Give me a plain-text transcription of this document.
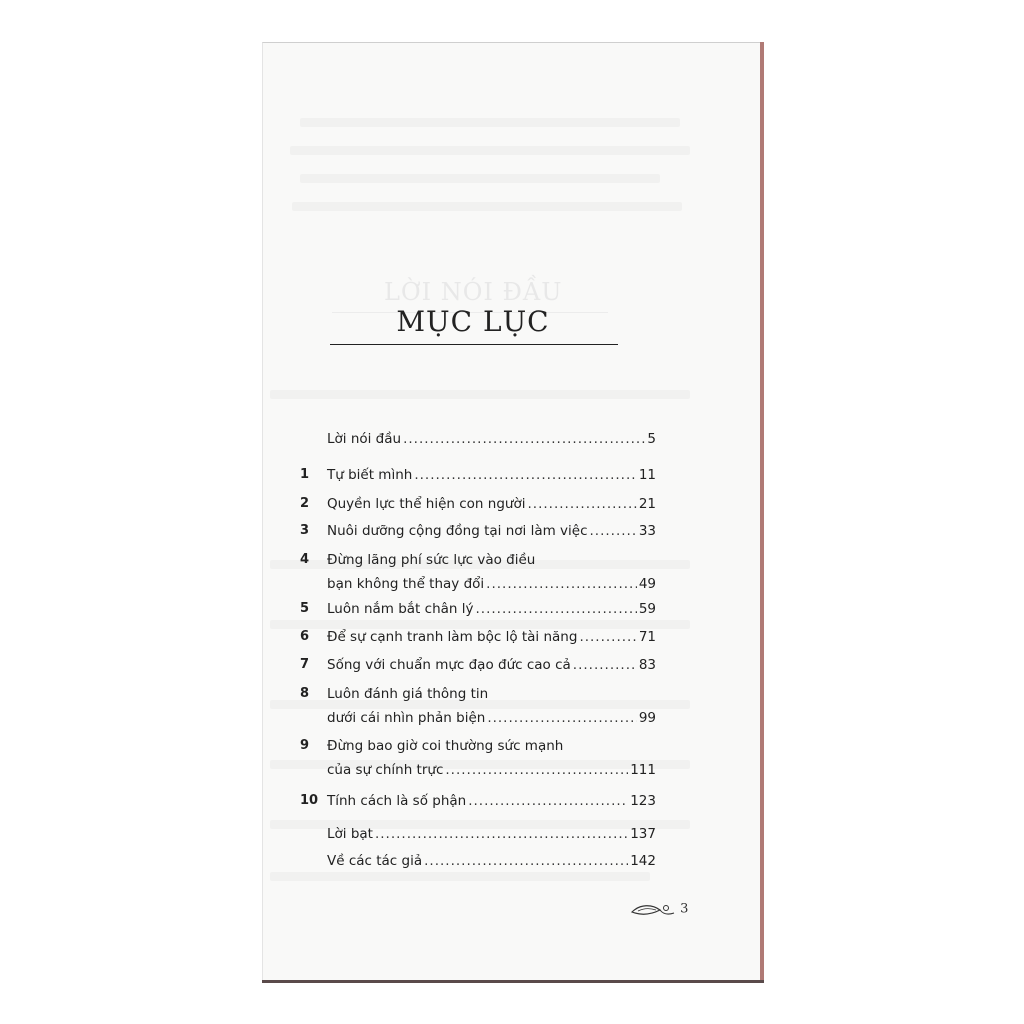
LỜI NÓI ĐẦU
MỤC LỤC
Lời nói đầu .....	5
1	Tự biết mình .....	11
2	Quyền lực thể hiện con người .....	21
3	Nuôi dưỡng cộng đồng tại nơi làm việc .....	33
4	Đừng lãng phí sức lực vào điều
bạn không thể thay đổi .....	49
5	Luôn nắm bắt chân lý .....	59
6	Để sự cạnh tranh làm bộc lộ tài năng .....	71
7	Sống với chuẩn mực đạo đức cao cả .....	83
8	Luôn đánh giá thông tin
dưới cái nhìn phản biện .....	99
9	Đừng bao giờ coi thường sức mạnh
của sự chính trực .....	111
10 Tính cách là số phận .....	123
Lời bạt .....	137
Về các tác giả .....	142
3
